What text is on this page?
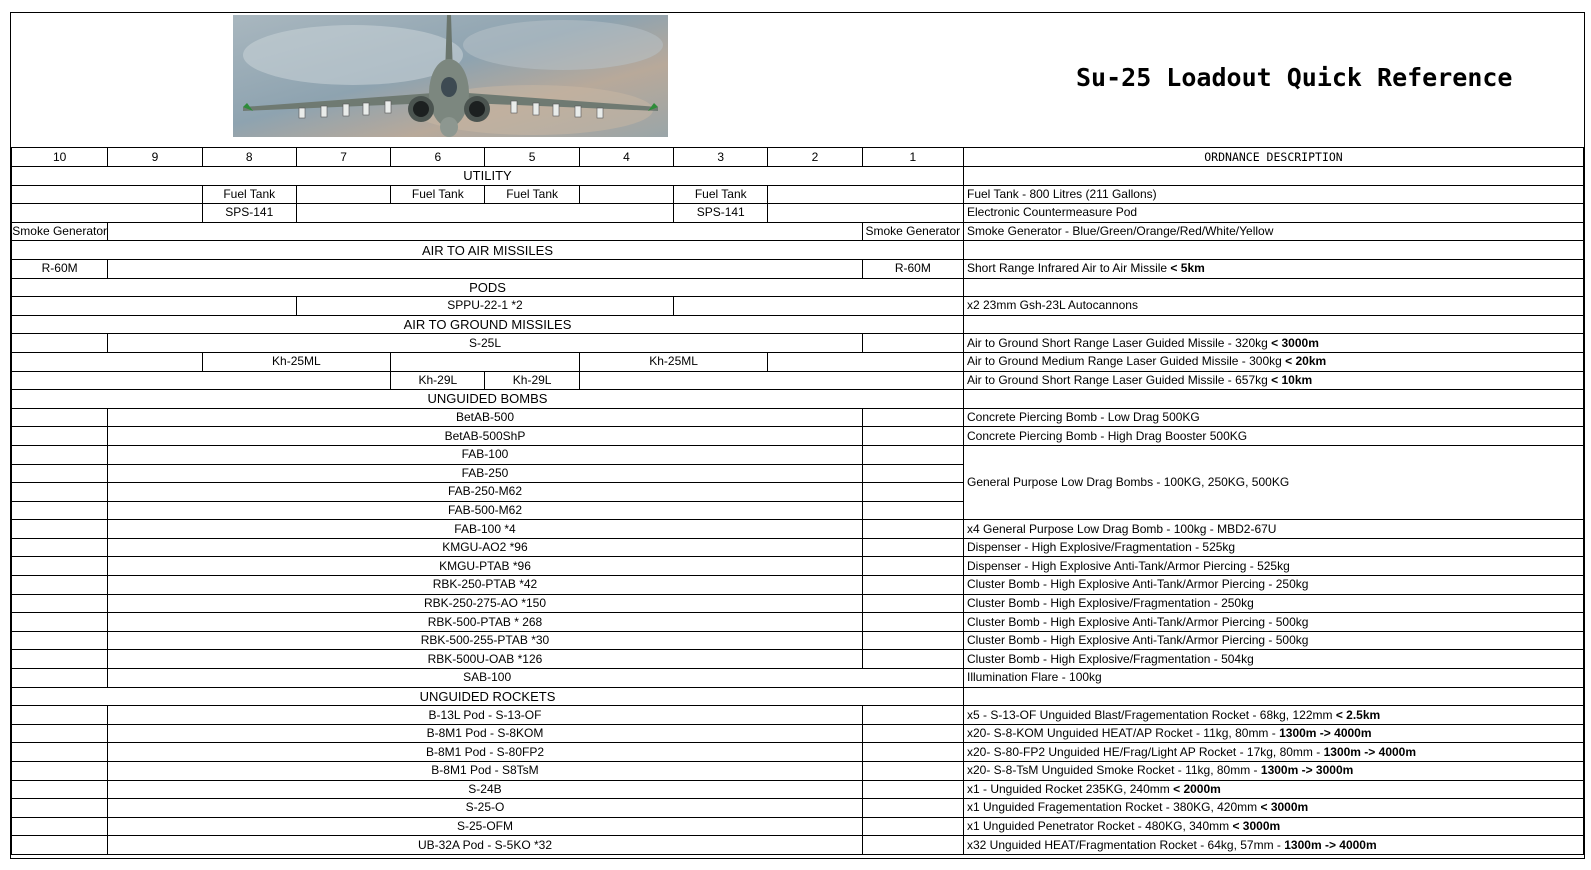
Su-25 Loadout Quick Reference
10	9	8	7	6	5	4	3	2	1	ORDNANCE DESCRIPTION
UTILITY										
		Fuel Tank		Fuel Tank	Fuel Tank		Fuel Tank			Fuel Tank - 800 Litres (211 Gallons)
		SPS-141					SPS-141			Electronic Countermeasure Pod
Smoke Generator									Smoke Generator	Smoke Generator - Blue/Green/Orange/Red/White/Yellow
AIR TO AIR MISSILES										
R-60M									R-60M	Short Range Infrared Air to Air Missile < 5km
PODS										
			SPPU-22-1 *2							x2 23mm Gsh-23L Autocannons
AIR TO GROUND MISSILES										
	S-25L									Air to Ground Short Range Laser Guided Missile - 320kg < 3000m
		Kh-25ML				Kh-25ML				Air to Ground Medium Range Laser Guided Missile - 300kg < 20km
				Kh-29L	Kh-29L					Air to Ground Short Range Laser Guided Missile - 657kg < 10km
UNGUIDED BOMBS										
	BetAB-500									Concrete Piercing Bomb - Low Drag 500KG
	BetAB-500ShP									Concrete Piercing Bomb - High Drag Booster 500KG
	FAB-100									General Purpose Low Drag Bombs - 100KG, 250KG, 500KG
	FAB-250									
	FAB-250-M62									
	FAB-500-M62									
	FAB-100 *4									x4 General Purpose Low Drag Bomb - 100kg - MBD2-67U
	KMGU-AO2 *96									Dispenser - High Explosive/Fragmentation - 525kg
	KMGU-PTAB *96									Dispenser - High Explosive Anti-Tank/Armor Piercing - 525kg
	RBK-250-PTAB *42									Cluster Bomb - High Explosive Anti-Tank/Armor Piercing - 250kg
	RBK-250-275-AO *150									Cluster Bomb - High Explosive/Fragmentation - 250kg
	RBK-500-PTAB * 268									Cluster Bomb - High Explosive Anti-Tank/Armor Piercing - 500kg
	RBK-500-255-PTAB *30									Cluster Bomb - High Explosive Anti-Tank/Armor Piercing - 500kg
	RBK-500U-OAB *126									Cluster Bomb - High Explosive/Fragmentation - 504kg
	SAB-100									Illumination Flare - 100kg
UNGUIDED ROCKETS										
	B-13L Pod - S-13-OF									x5 - S-13-OF Unguided Blast/Fragementation Rocket - 68kg, 122mm < 2.5km
	B-8M1 Pod - S-8KOM									x20- S-8-KOM Unguided HEAT/AP Rocket - 11kg, 80mm - 1300m -> 4000m
	B-8M1 Pod - S-80FP2									x20- S-80-FP2 Unguided HE/Frag/Light AP Rocket - 17kg, 80mm - 1300m -> 4000m
	B-8M1 Pod - S8TsM									x20- S-8-TsM Unguided Smoke Rocket - 11kg, 80mm - 1300m -> 3000m
	S-24B									x1 - Unguided Rocket 235KG, 240mm < 2000m
	S-25-O									x1 Unguided Fragementation Rocket - 380KG, 420mm < 3000m
	S-25-OFM									x1 Unguided Penetrator Rocket - 480KG, 340mm < 3000m
	UB-32A Pod - S-5KO *32									x32 Unguided HEAT/Fragmentation Rocket - 64kg, 57mm - 1300m -> 4000m
